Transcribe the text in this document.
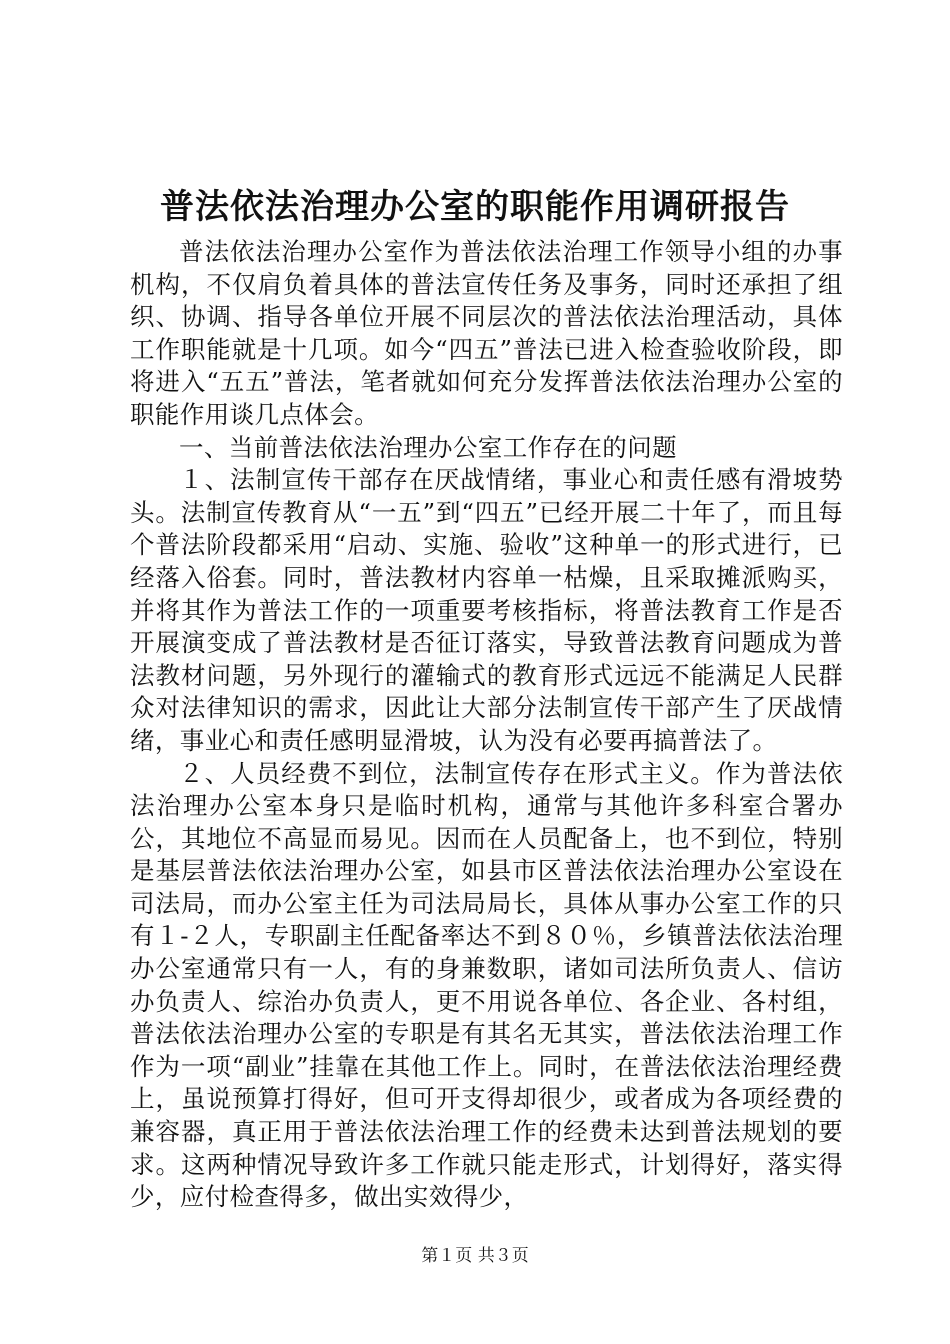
普法依法治理办公室的职能作用调研报告

普法依法治理办公室作为普法依法治理工作领导小组的办事机构，不仅肩负着具体的普法宣传任务及事务，同时还承担了组织、协调、指导各单位开展不同层次的普法依法治理活动，具体工作职能就是十几项。如今“四五”普法已进入检查验收阶段，即将进入“五五”普法，笔者就如何充分发挥普法依法治理办公室的职能作用谈几点体会。

一、当前普法依法治理办公室工作存在的问题

１、法制宣传干部存在厌战情绪，事业心和责任感有滑坡势头。法制宣传教育从“一五”到“四五”已经开展二十年了，而且每个普法阶段都采用“启动、实施、验收”这种单一的形式进行，已经落入俗套。同时，普法教材内容单一枯燥，且采取摊派购买，并将其作为普法工作的一项重要考核指标，将普法教育工作是否开展演变成了普法教材是否征订落实，导致普法教育问题成为普法教材问题，另外现行的灌输式的教育形式远远不能满足人民群众对法律知识的需求，因此让大部分法制宣传干部产生了厌战情绪，事业心和责任感明显滑坡，认为没有必要再搞普法了。

２、人员经费不到位，法制宣传存在形式主义。作为普法依法治理办公室本身只是临时机构，通常与其他许多科室合署办公，其地位不高显而易见。因而在人员配备上，也不到位，特别是基层普法依法治理办公室，如县市区普法依法治理办公室设在司法局，而办公室主任为司法局局长，具体从事办公室工作的只有１-２人，专职副主任配备率达不到８０％，乡镇普法依法治理办公室通常只有一人，有的身兼数职，诸如司法所负责人、信访办负责人、综治办负责人，更不用说各单位、各企业、各村组，普法依法治理办公室的专职是有其名无其实，普法依法治理工作作为一项“副业”挂靠在其他工作上。同时，在普法依法治理经费上，虽说预算打得好，但可开支得却很少，或者成为各项经费的兼容器，真正用于普法依法治理工作的经费未达到普法规划的要求。这两种情况导致许多工作就只能走形式，计划得好，落实得少，应付检查得多，做出实效得少，

第１页 共３页
